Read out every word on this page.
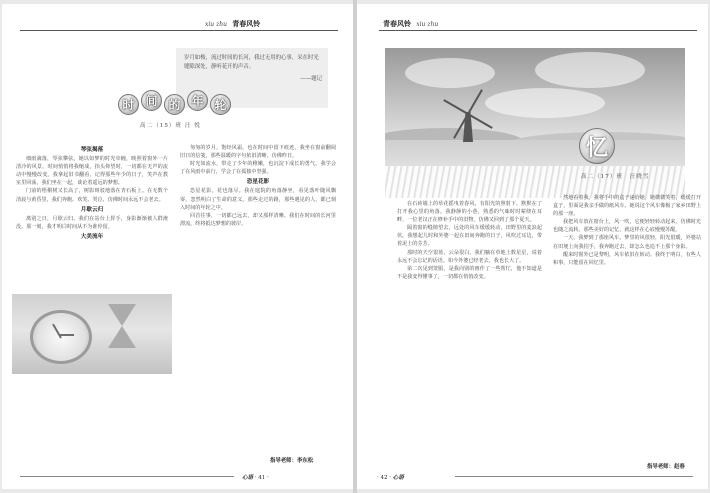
xiu zhu 青春风铃
岁月如梭，流过时间的长河，我过无用的心事，采在时光缝隙深处，静听花开的声音。
——题记
时 间 的 年 轮
高二（15）班 汪 悦
琴弦揭落

细雨滴落，琴弦攀弦，她以如梦的时光牵缠，映照着窗外一片清冷的风景。时间悄悄将我缩成，抬头仰望时，一切都在无声的流动中慢慢改变。我拿起旧书翻看，记得那些年少的日子，笑声在教室里回荡，我们坐在一起，谈论着遥远的梦想。

门前的梧桐树又长高了，树影斑驳地落在青石板上。在无数个清晨与黄昏里，我们奔跑、欢笑、哭泣，仿佛时间永远不会老去。

月歇云归

离别之日，月歇云归。我们在站台上挥手，身影渐渐被人群淹没。那一刻，我才明白时间从不为谁停留。

大美流年

匆匆的岁月，饱经风霜，也在时间中留下痕迹。我坐在窗前翻阅旧日的信笺，那些温暖的字句依旧清晰，仿佛昨日。

时光如流水，带走了少年的稚嫩，也沉淀下成长的勇气。我学会了在风雨中前行，学会了在孤独中坚强。

恐星花影

恐星花影，花也落尽。我在庭院的角落静坐，看见落叶随风飘零，忽然明白了生命的意义。那些走过的路，那些遇见的人，都已刻入时间的年轮之中。

回首往事，一切都已远去，却又那样清晰。我们在时间的长河里漂流，终将抵达梦想的彼岸。

指导老师：李东松
心语 · 41 ·
青春风铃 xiu zhu
忆
高二（17）班　汪晓雪

在石砖墙上的草花摇曳着春风，有阳光的照射下，默默在了打开我心里的角落。我静静的小巷，熟悉的气味时时萦绕在耳畔，一位老汉正在修补手中的旧物，仿佛又回到了那个夏天。

隔着窗的缝隙望去，远处的风车缓缓转动，田野里的麦浪起伏。我想起儿时和外婆一起在田间奔跑的日子，风吹过耳边，带着泥土的芬芳。

那时的天空很蓝，云朵很白，我们躺在草地上数星星，说着永远不会忘记的话语。如今外婆已经老去，我也长大了。

第二次见到笼服，是我向别的画作了一些帮忙，他不知道是不是我变得懂事了，一切都在悄悄改变。

然地看着我，我将手中的盒子递给她，她微微笑着，缓缓打开盒子，里面是我亲手做的纸风车。她说这个风车像极了家乡田野上的那一座。

我把风车放在窗台上，风一吹，它便轻轻转动起来，仿佛时光也随之流转。那些美好的记忆，就这样在心底慢慢苏醒。

一天，我梦到了那座风车。梦里的风很轻，阳光很暖，外婆站在田埂上向我招手，我奔跑过去，却怎么也追不上那个身影。

醒来时窗外已是黎明，风车依旧在转动。我终于明白，有些人和事，只能留在回忆里。

指导老师：赵春
· 42 · 心语
